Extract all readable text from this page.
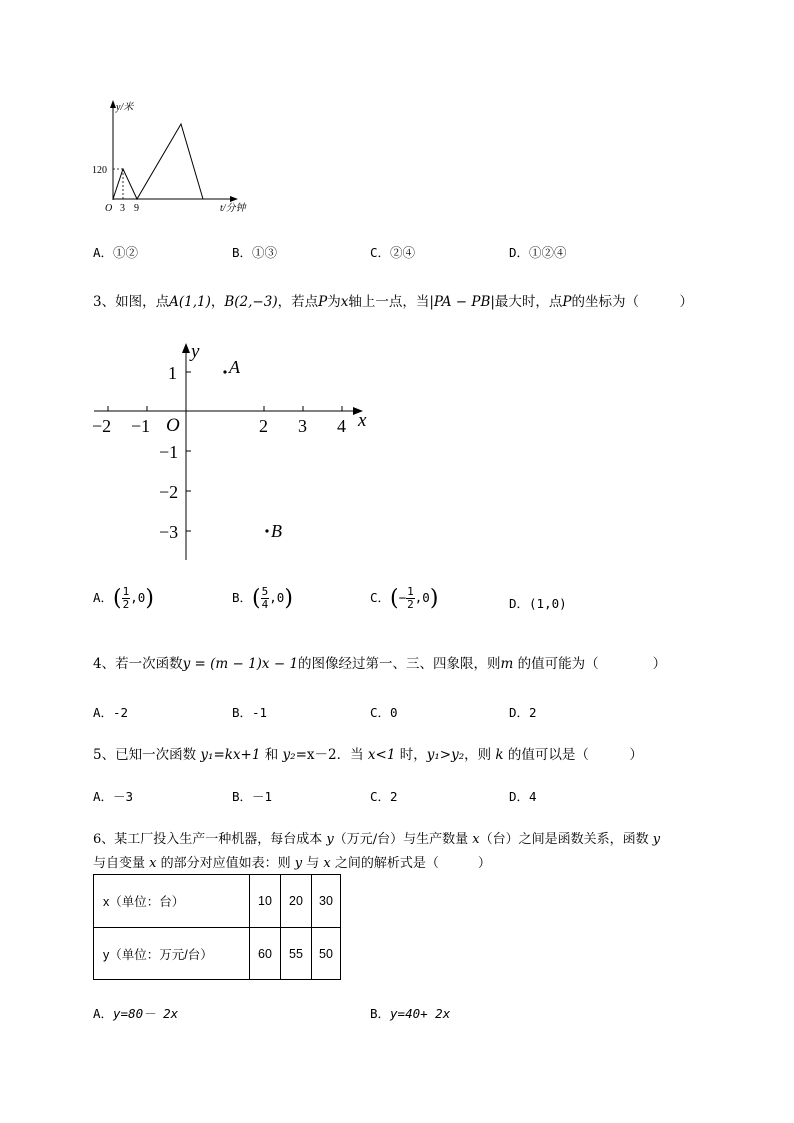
y/米
120
O 3 9	t/分钟
A．①②	B．①③	C．②④	D．①②④
3、如图，点A(1,1)，B(2,−3)，若点P为x轴上一点，当|PA − PB|最大时，点P的坐标为（　　　）
x
y
O
−2 −1	2 3 4
1
−1
−2
−3
A
B
A．( $\frac{1}{2} ,0$)	B．( $\frac{5}{4} ,0$)	C．(− $\frac{1}{2} ,0$)	D．(1,0)
4、若一次函数y = (m − 1)x − 1的图像经过第一、三、四象限，则m 的值可能为（　　　　）
A．-2	B．-1	C．0	D．2
5、已知一次函数 y₁=kx+1 和 y₂=x－2．当 x<1 时，y₁>y₂，则 k 的值可以是（　　　）
A．－3	B．－1	C．2	D．4
6、某工厂投入生产一种机器，每台成本 y（万元/台）与生产数量 x（台）之间是函数关系，函数 y
与自变量 x 的部分对应值如表：则 y 与 x 之间的解析式是（　　　）
x（单位：台）	10	20	30
y（单位：万元/台）	60	55	50
A．y=80－ 2x	B．y=40+ 2x
